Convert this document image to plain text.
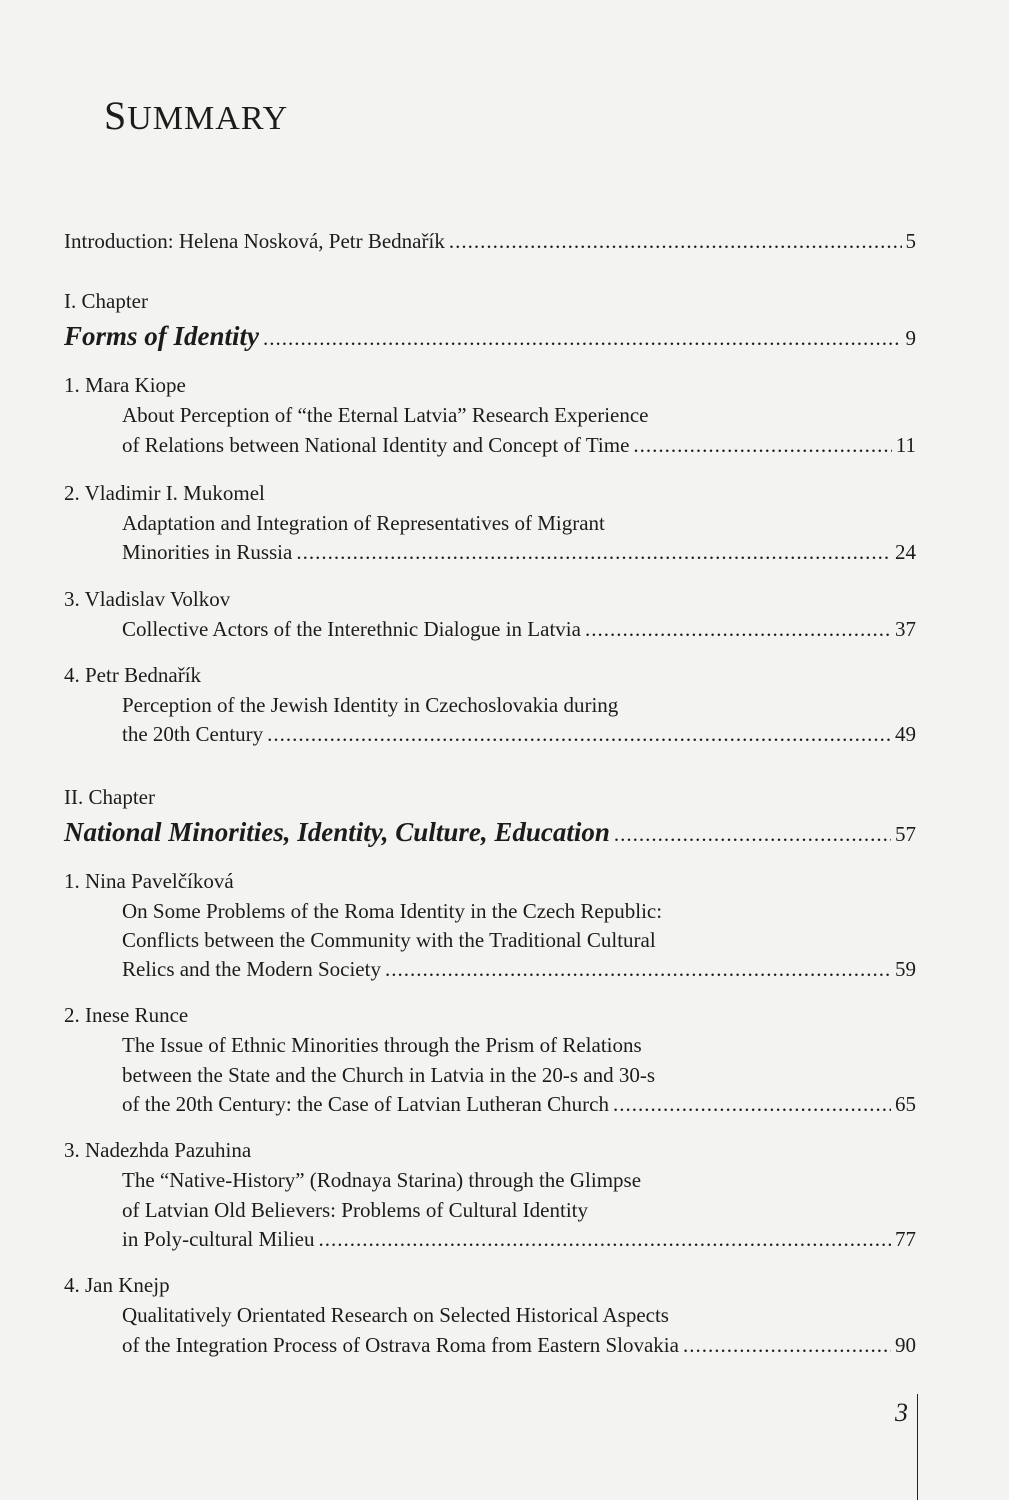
SUMMARY
Introduction: Helena Nosková, Petr Bednařík .....	5
I. Chapter
Forms of Identity .....	9
1. Mara Kiope
About Perception of “the Eternal Latvia” Research Experience
of Relations between National Identity and Concept of Time .....	11
2. Vladimir I. Mukomel
Adaptation and Integration of Representatives of Migrant
Minorities in Russia .....	24
3. Vladislav Volkov
Collective Actors of the Interethnic Dialogue in Latvia .....	37
4. Petr Bednařík
Perception of the Jewish Identity in Czechoslovakia during
the 20th Century .....	49
II. Chapter
National Minorities, Identity, Culture, Education .....	57
1. Nina Pavelčíková
On Some Problems of the Roma Identity in the Czech Republic:
Conflicts between the Community with the Traditional Cultural
Relics and the Modern Society .....	59
2. Inese Runce
The Issue of Ethnic Minorities through the Prism of Relations
between the State and the Church in Latvia in the 20-s and 30-s
of the 20th Century: the Case of Latvian Lutheran Church .....	65
3. Nadezhda Pazuhina
The “Native-History” (Rodnaya Starina) through the Glimpse
of Latvian Old Believers: Problems of Cultural Identity
in Poly-cultural Milieu .....	77
4. Jan Knejp
Qualitatively Orientated Research on Selected Historical Aspects
of the Integration Process of Ostrava Roma from Eastern Slovakia .....	90
3
